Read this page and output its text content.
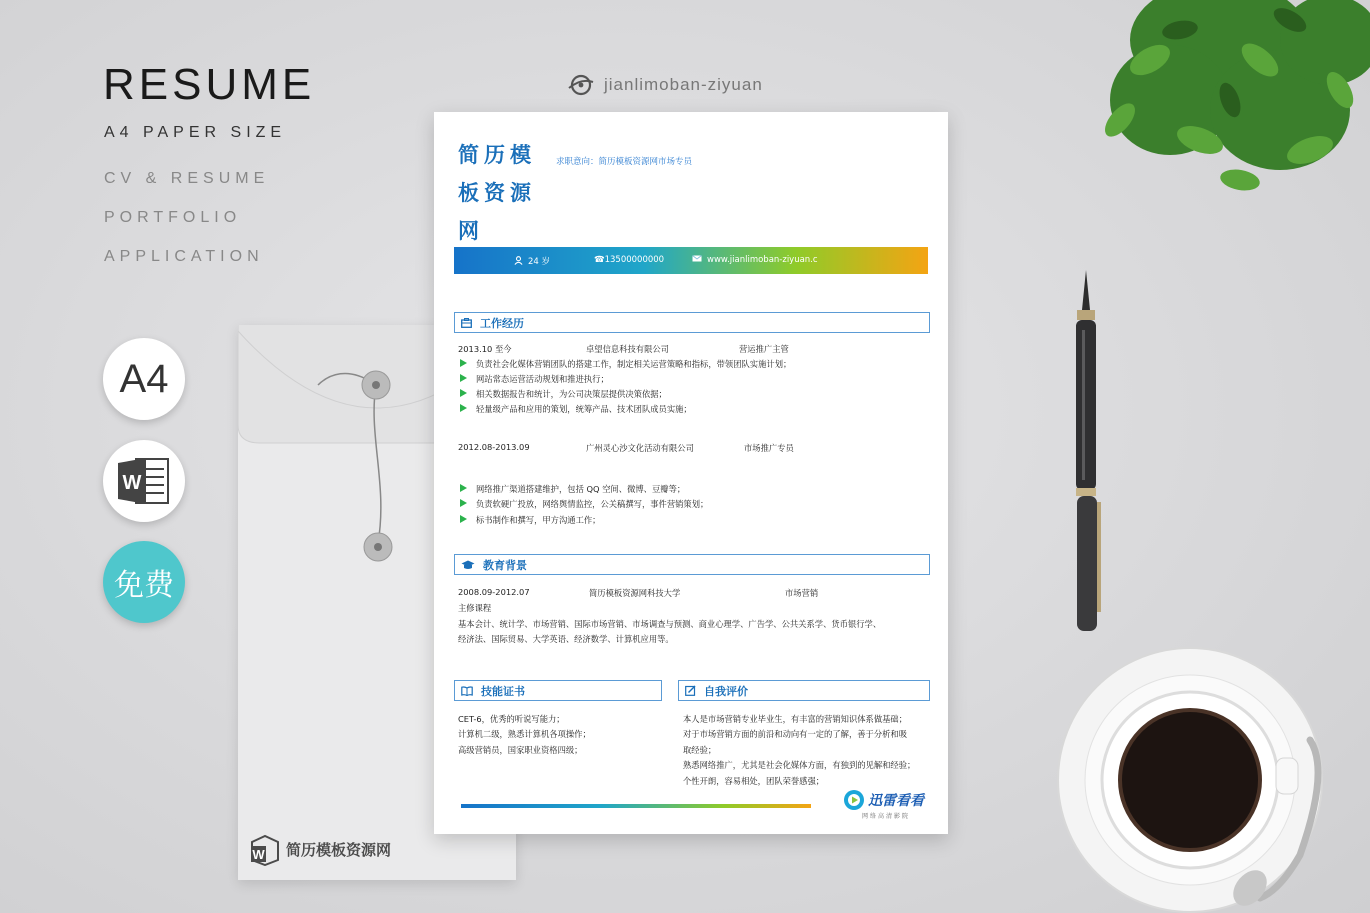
RESUME
A4 PAPER SIZE
CV & RESUME
PORTFOLIO
APPLICATION
A4
W
免费
jianlimoban-ziyuan
W 简历模板资源网
简历模板资源网
求职意向：简历模板资源网市场专员
24 岁	☎13500000000	www.jianlimoban-ziyuan.c
工作经历
2013.10 至今	卓望信息科技有限公司	营运推广主管
负责社会化媒体营销团队的搭建工作，制定相关运营策略和指标，带领团队实施计划；
网站常态运营活动规划和推进执行；
相关数据报告和统计，为公司决策层提供决策依据；
轻量级产品和应用的策划，统筹产品、技术团队成员实施；
2012.08-2013.09	广州灵心沙文化活动有限公司	市场推广专员
网络推广渠道搭建维护，包括 QQ 空间、微博、豆瓣等；
负责软硬广投放，网络舆情监控，公关稿撰写，事件营销策划；
标书制作和撰写，甲方沟通工作；
教育背景
2008.09-2012.07	简历模板资源网科技大学	市场营销
主修课程
基本会计、统计学、市场营销、国际市场营销、市场调查与预测、商业心理学、广告学、公共关系学、货币银行学、
经济法、国际贸易、大学英语、经济数学、计算机应用等。
技能证书
CET-6，优秀的听说写能力；
计算机二级，熟悉计算机各项操作；
高级营销员，国家职业资格四级；
自我评价
本人是市场营销专业毕业生，有丰富的营销知识体系做基础；
对于市场营销方面的前沿和动向有一定的了解，善于分析和吸
取经验；
熟悉网络推广，尤其是社会化媒体方面，有独到的见解和经验；
个性开朗，容易相处，团队荣誉感强；
迅雷看看
网络高清影院
